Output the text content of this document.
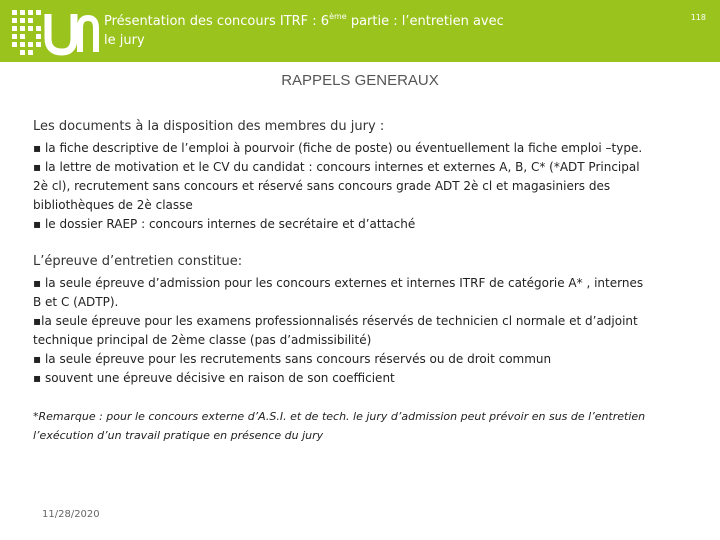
Présentation des concours ITRF : 6ème partie : l’entretien avec
le jury
118
RAPPELS GENERAUX
Les documents à la disposition des membres du jury :
▪ la fiche descriptive de l’emploi à pourvoir (fiche de poste) ou éventuellement la fiche emploi –type.
▪ la lettre de motivation et le CV du candidat : concours internes et externes A, B, C* (*ADT Principal
2è cl), recrutement sans concours et réservé sans concours grade ADT 2è cl et magasiniers des
bibliothèques de 2è classe
▪ le dossier RAEP : concours internes de secrétaire et d’attaché
L’épreuve d’entretien constitue:
▪ la seule épreuve d’admission pour les concours externes et internes ITRF de catégorie A* , internes
B et C (ADTP).
▪la seule épreuve pour les examens professionnalisés réservés de technicien cl normale et d’adjoint
technique principal de 2ème classe (pas d’admissibilité)
▪ la seule épreuve pour les recrutements sans concours réservés ou de droit commun
▪ souvent une épreuve décisive en raison de son coefficient
*Remarque : pour le concours externe d’A.S.I. et de tech. le jury d’admission peut prévoir en sus de l’entretien
l’exécution d’un travail pratique en présence du jury
11/28/2020
